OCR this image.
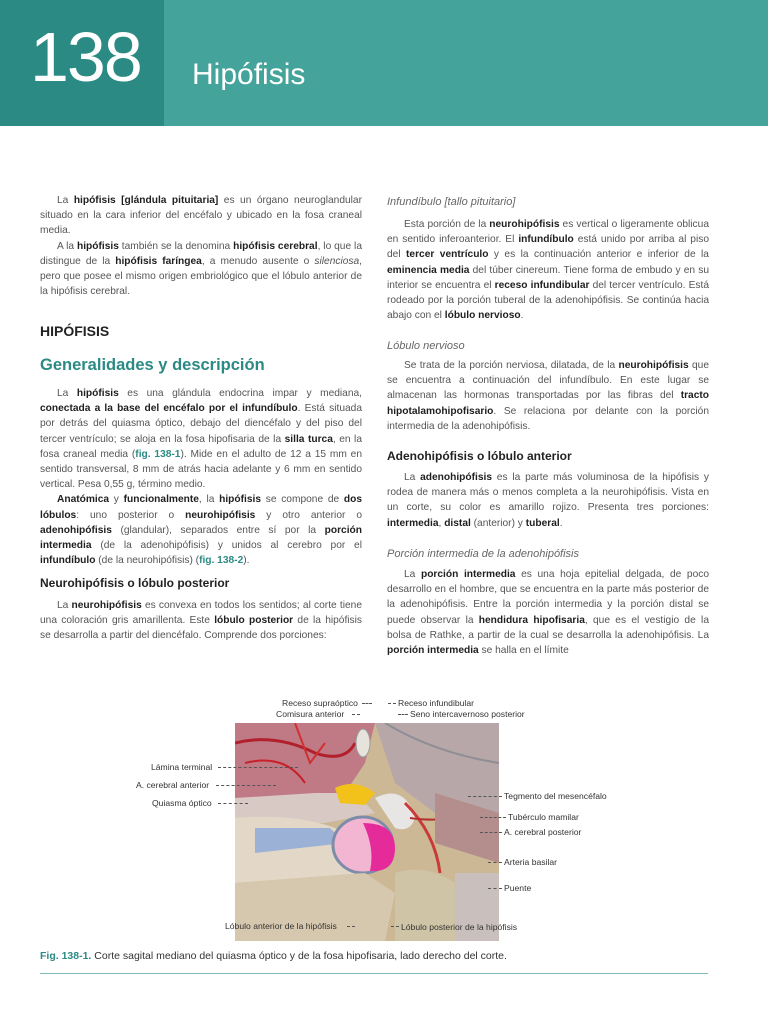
138 Hipófisis

La hipófisis [glándula pituitaria] es un órgano neuroglandular situado en la cara inferior del encéfalo y ubicado en la fosa craneal media.

A la hipófisis también se la denomina hipófisis cerebral, lo que la distingue de la hipófisis faríngea, a menudo ausente o silenciosa, pero que posee el mismo origen embriológico que el lóbulo anterior de la hipófisis cerebral.

HIPÓFISIS
Generalidades y descripción

La hipófisis es una glándula endocrina impar y mediana, conectada a la base del encéfalo por el infundíbulo. Está situada por detrás del quiasma óptico, debajo del diencéfalo y del piso del tercer ventrículo; se aloja en la fosa hipofisaria de la silla turca, en la fosa craneal media (fig. 138-1). Mide en el adulto de 12 a 15 mm en sentido transversal, 8 mm de atrás hacia adelante y 6 mm en sentido vertical. Pesa 0,55 g, término medio.

Anatómica y funcionalmente, la hipófisis se compone de dos lóbulos: uno posterior o neurohipófisis y otro anterior o adenohipófisis (glandular), separados entre sí por la porción intermedia (de la adenohipófisis) y unidos al cerebro por el infundíbulo (de la neurohipófisis) (fig. 138-2).

Neurohipófisis o lóbulo posterior

La neurohipófisis es convexa en todos los sentidos; al corte tiene una coloración gris amarillenta. Este lóbulo posterior de la hipófisis se desarrolla a partir del diencéfalo. Comprende dos porciones:

Infundíbulo [tallo pituitario]

Esta porción de la neurohipófisis es vertical o ligeramente oblicua en sentido inferoanterior. El infundíbulo está unido por arriba al piso del tercer ventrículo y es la continuación anterior e inferior de la eminencia media del túber cinereum. Tiene forma de embudo y en su interior se encuentra el receso infundibular del tercer ventrículo. Está rodeado por la porción tuberal de la adenohipófisis. Se continúa hacia abajo con el lóbulo nervioso.

Lóbulo nervioso

Se trata de la porción nerviosa, dilatada, de la neurohipófisis que se encuentra a continuación del infundíbulo. En este lugar se almacenan las hormonas transportadas por las fibras del tracto hipotalamohipofisario. Se relaciona por delante con la porción intermedia de la adenohipófisis.

Adenohipófisis o lóbulo anterior

La adenohipófisis es la parte más voluminosa de la hipófisis y rodea de manera más o menos completa a la neurohipófisis. Vista en un corte, su color es amarillo rojizo. Presenta tres porciones: intermedia, distal (anterior) y tuberal.

Porción intermedia de la adenohipófisis

La porción intermedia es una hoja epitelial delgada, de poco desarrollo en el hombre, que se encuentra en la parte más posterior de la adenohipófisis. Entre la porción intermedia y la porción distal se puede observar la hendidura hipofisaria, que es el vestigio de la bolsa de Rathke, a partir de la cual se desarrolla la adenohipófisis. La porción intermedia se halla en el límite

Receso supraóptico
Comisura anterior
Receso infundibular
Seno intercavernoso posterior
Lámina terminal
A. cerebral anterior
Quiasma óptico
Tegmento del mesencéfalo
Tubérculo mamilar
A. cerebral posterior
Arteria basilar
Puente
Lóbulo anterior de la hipófisis	Lóbulo posterior de la hipófisis
Fig. 138-1. Corte sagital mediano del quiasma óptico y de la fosa hipofisaria, lado derecho del corte.
